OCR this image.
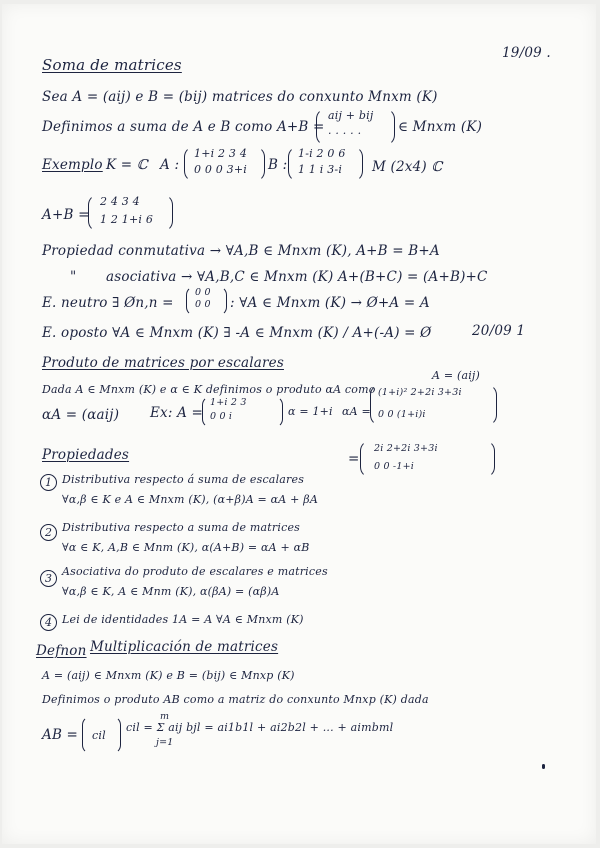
Soma de matrices
19/09 .
Sea A = (aij) e B = (bij) matrices do conxunto Mnxm (K)
Definimos a suma de A e B como A+B =
aij + bij
· · · · ·	∈ Mnxm (K)
Exemplo K = ℂ A :
1+i 2 3 4
0 0 0 3+i B :
1-i 2 0 6
1 1 i 3-i M (2x4) ℂ
A+B =
2 4 3 4
1 2 1+i 6
Propiedad conmutativa → ∀A,B ∈ Mnxm (K), A+B = B+A
" asociativa → ∀A,B,C ∈ Mnxm (K) A+(B+C) = (A+B)+C
E. neutro ∃ Øn,n =
0 0
0 0 : ∀A ∈ Mnxm (K) → Ø+A = A
E. oposto ∀A ∈ Mnxm (K) ∃ -A ∈ Mnxm (K) / A+(-A) = Ø	20/09 1
Produto de matrices por escalares
Dada A ∈ Mnxm (K) e α ∈ K definimos o produto αA como
A = (aij)
αA = (αaij) Ex: A =
1+i 2 3
0 0 i	α = 1+i αA =
(1+i)² 2+2i 3+3i
0 0 (1+i)i
=
2i 2+2i 3+3i
0 0 -1+i
Propiedades
1 Distributiva respecto á suma de escalares
∀α,β ∈ K e A ∈ Mnxm (K), (α+β)A = αA + βA
2 Distributiva respecto a suma de matrices
∀α ∈ K, A,B ∈ Mnm (K), α(A+B) = αA + αB
3
Asociativa do produto de escalares e matrices
∀α,β ∈ K, A ∈ Mnm (K), α(βA) = (αβ)A
4 Lei de identidades 1A = A ∀A ∈ Mnxm (K)
Defnon Multiplicación de matrices
A = (aij) ∈ Mnxm (K) e B = (bij) ∈ Mnxp (K)
Definimos o produto AB como a matriz do conxunto Mnxp (K) dada
AB = cil
m
cil = Σ aij bjl = ai1b1l + ai2b2l + ... + aimbml
j=1
